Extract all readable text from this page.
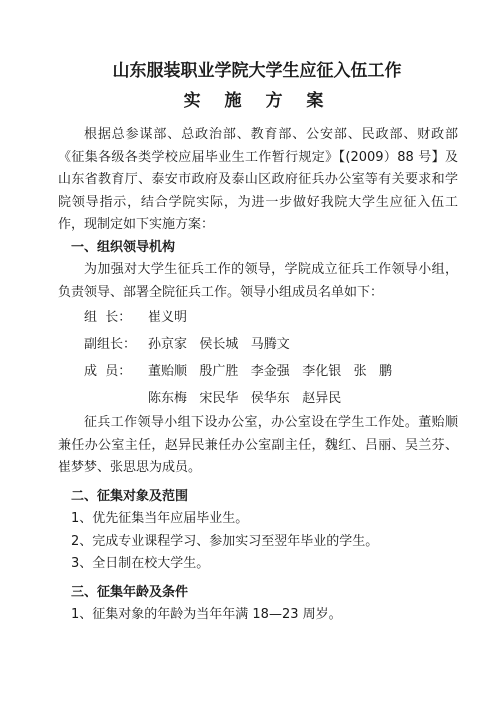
山东服装职业学院大学生应征入伍工作
实 施 方 案

根据总参谋部、总政治部、教育部、公安部、民政部、财政部《征集各级各类学校应届毕业生工作暂行规定》【(2009）88 号】及山东省教育厅、泰安市政府及泰山区政府征兵办公室等有关要求和学院领导指示，结合学院实际，为进一步做好我院大学生应征入伍工作，现制定如下实施方案：

一、组织领导机构

为加强对大学生征兵工作的领导，学院成立征兵工作领导小组，负责领导、部署全院征兵工作。领导小组成员名单如下：

组  长：	崔义明
副组长： 孙京家   侯长城   马腾文
成  员：	董贻顺   殷广胜   李金强   李化银   张   鹏
陈东梅   宋民华   侯华东   赵异民

征兵工作领导小组下设办公室，办公室设在学生工作处。董贻顺兼任办公室主任，赵异民兼任办公室副主任，魏红、吕丽、吴兰芬、崔梦梦、张思思为成员。

二、征集对象及范围

1、优先征集当年应届毕业生。

2、完成专业课程学习、参加实习至翌年毕业的学生。

3、全日制在校大学生。

三、征集年龄及条件

1、征集对象的年龄为当年年满 18—23 周岁。
